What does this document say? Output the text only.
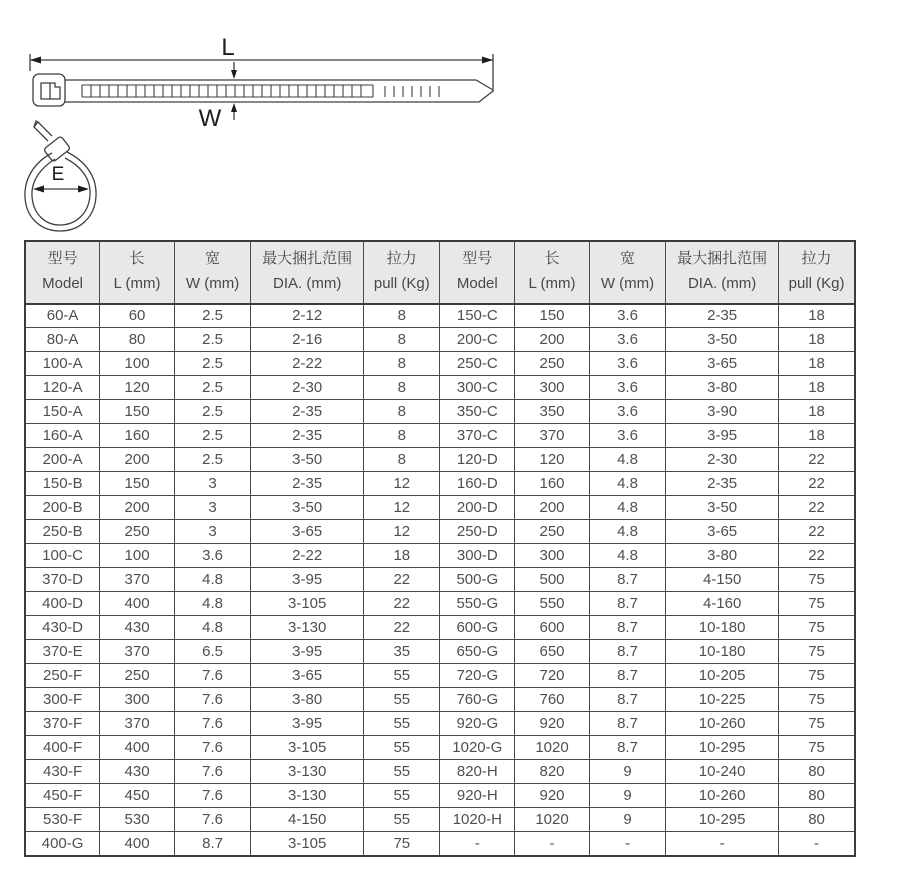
L
W
E
型号
Model

长
L (mm)

宽
W (mm)

最大捆扎范围
DIA. (mm)

拉力
pull (Kg)

型号
Model

长
L (mm)

宽
W (mm)

最大捆扎范围
DIA. (mm)

拉力
pull (Kg)

60-A	60	2.5	2-12	8	150-C	150	3.6	2-35	18
80-A	80	2.5	2-16	8	200-C	200	3.6	3-50	18
100-A	100	2.5	2-22	8	250-C	250	3.6	3-65	18
120-A	120	2.5	2-30	8	300-C	300	3.6	3-80	18
150-A	150	2.5	2-35	8	350-C	350	3.6	3-90	18
160-A	160	2.5	2-35	8	370-C	370	3.6	3-95	18
200-A	200	2.5	3-50	8	120-D	120	4.8	2-30	22
150-B	150	3	2-35	12	160-D	160	4.8	2-35	22
200-B	200	3	3-50	12	200-D	200	4.8	3-50	22
250-B	250	3	3-65	12	250-D	250	4.8	3-65	22
100-C	100	3.6	2-22	18	300-D	300	4.8	3-80	22
370-D	370	4.8	3-95	22	500-G	500	8.7	4-150	75
400-D	400	4.8	3-105	22	550-G	550	8.7	4-160	75
430-D	430	4.8	3-130	22	600-G	600	8.7	10-180	75
370-E	370	6.5	3-95	35	650-G	650	8.7	10-180	75
250-F	250	7.6	3-65	55	720-G	720	8.7	10-205	75
300-F	300	7.6	3-80	55	760-G	760	8.7	10-225	75
370-F	370	7.6	3-95	55	920-G	920	8.7	10-260	75
400-F	400	7.6	3-105	55	1020-G	1020	8.7	10-295	75
430-F	430	7.6	3-130	55	820-H	820	9	10-240	80
450-F	450	7.6	3-130	55	920-H	920	9	10-260	80
530-F	530	7.6	4-150	55	1020-H	1020	9	10-295	80
400-G	400	8.7	3-105	75	-	-	-	-	-
